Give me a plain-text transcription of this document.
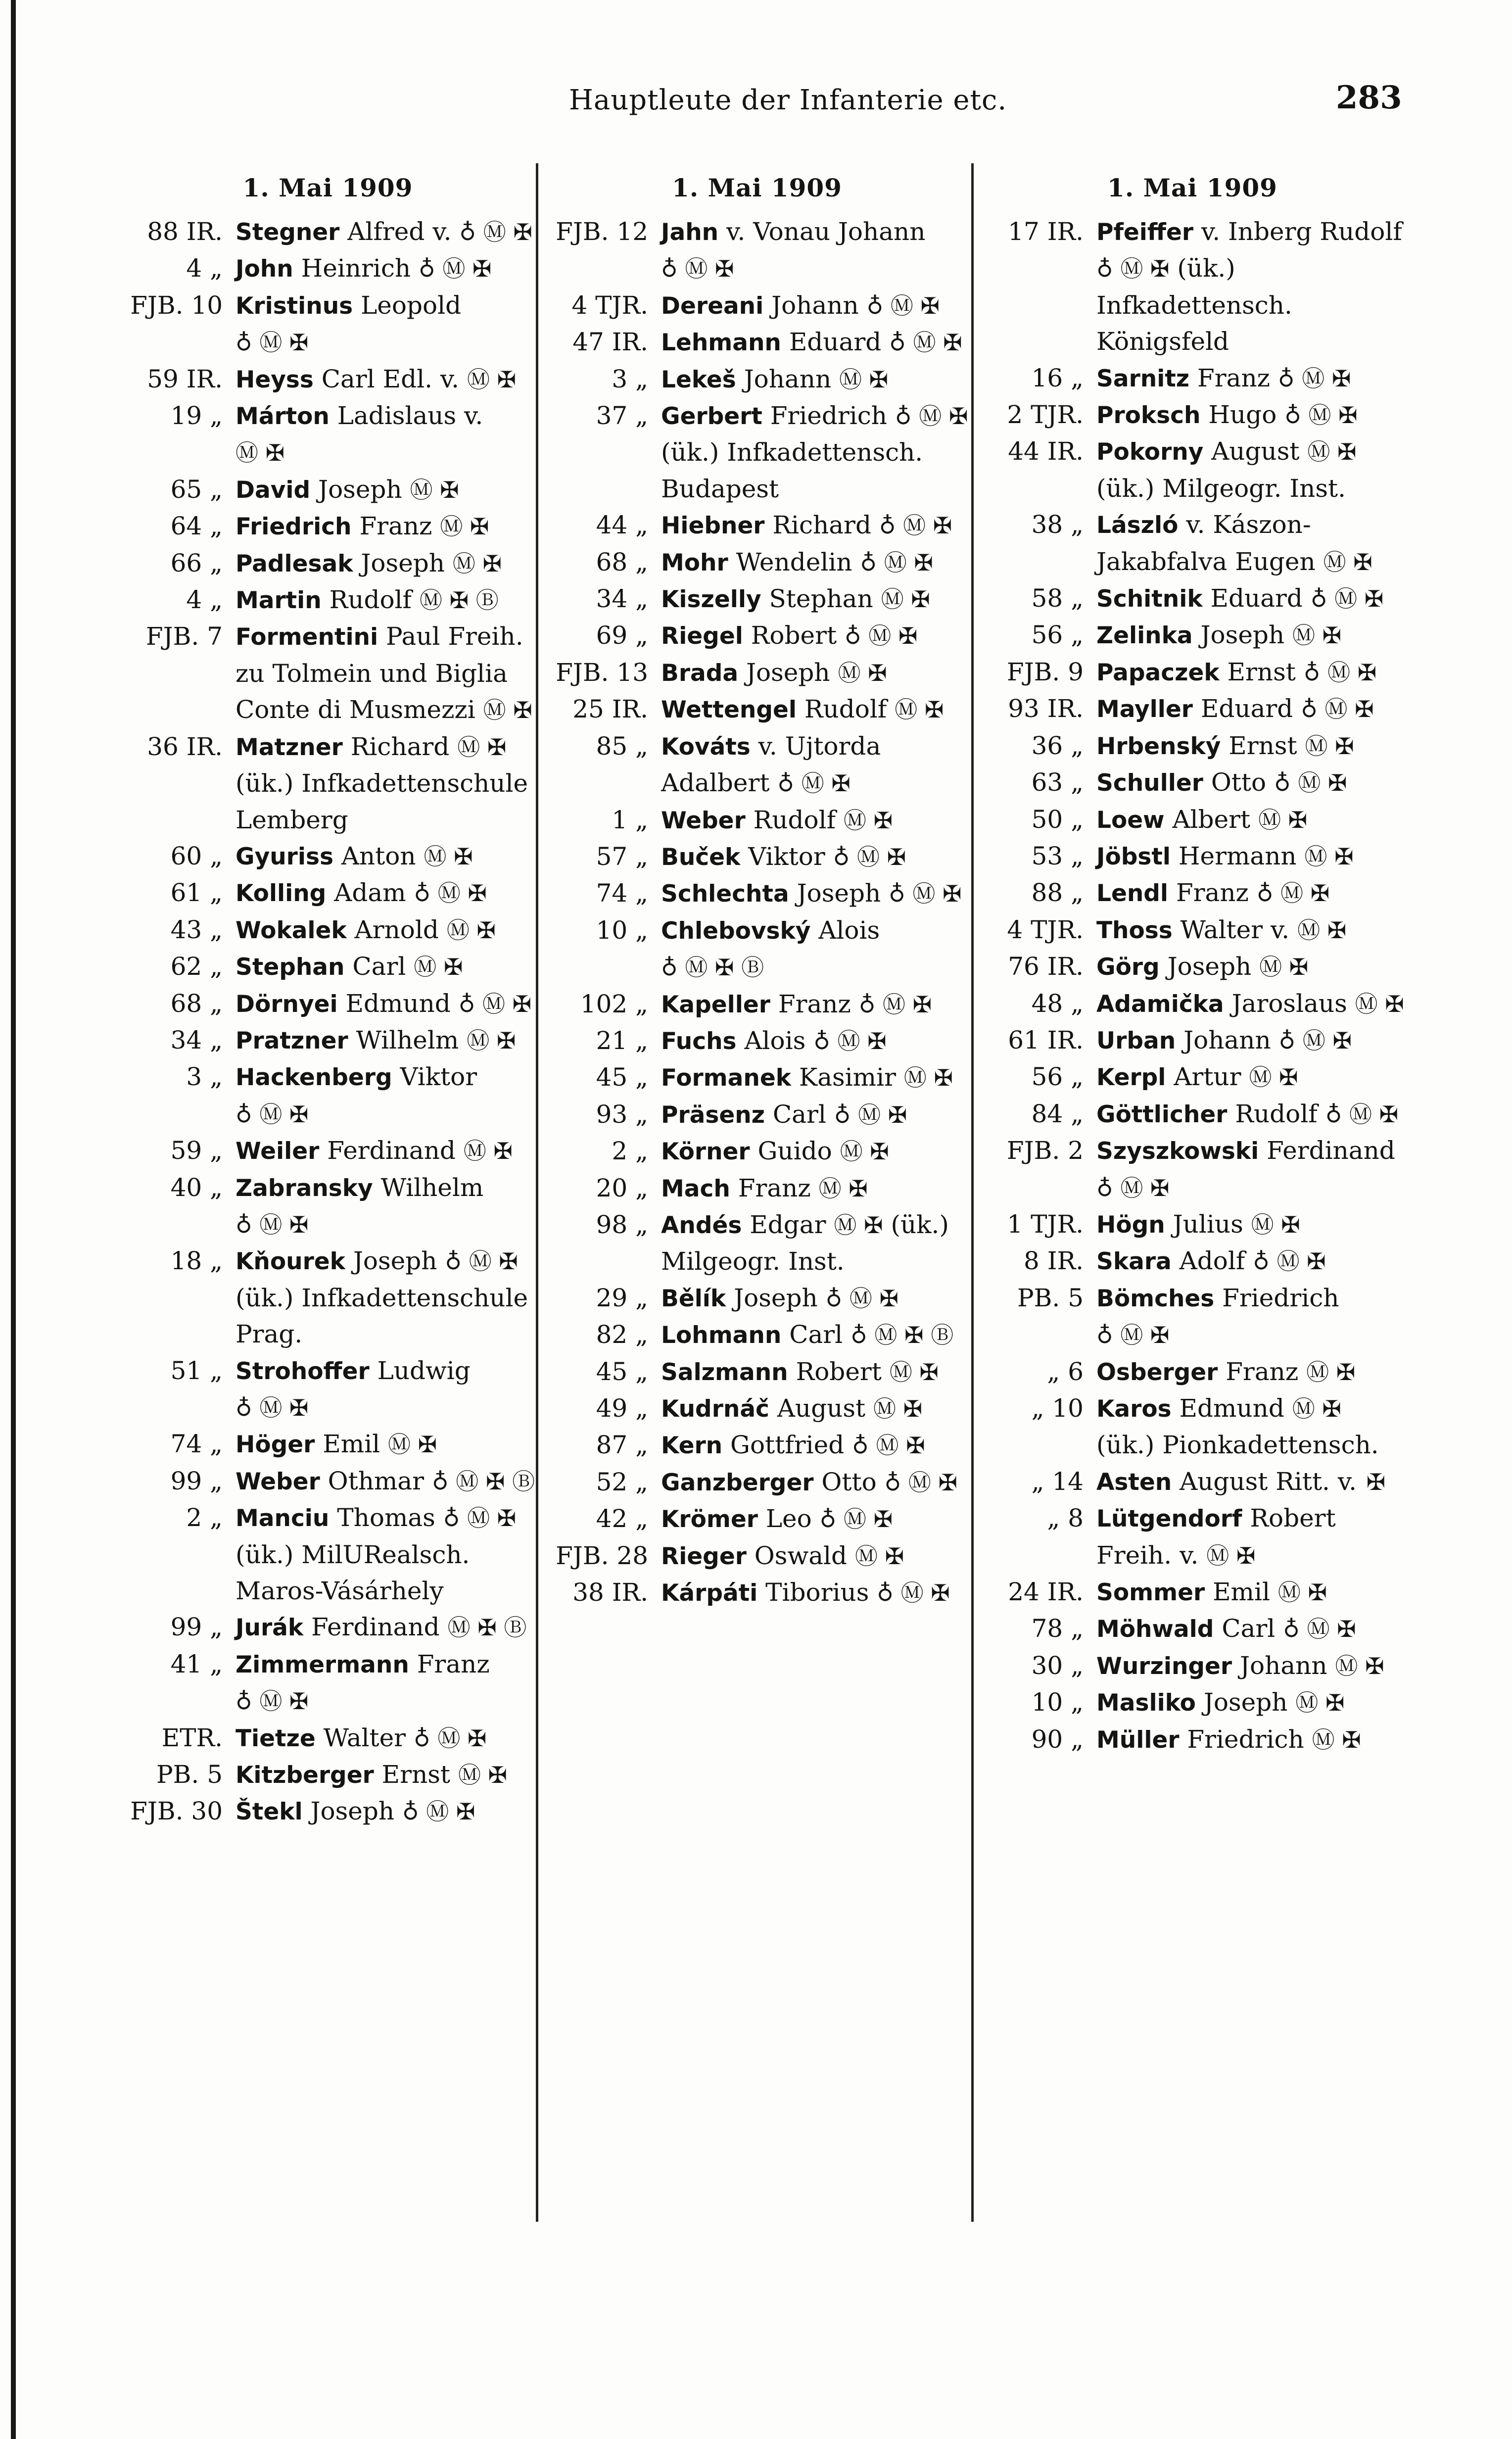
Hauptleute der Infanterie etc.	283
1. Mai 1909
88 IR. Stegner Alfred v. ♁ Ⓜ ✠
4 „ John Heinrich ♁ Ⓜ ✠
FJB. 10 Kristinus Leopold ♁ Ⓜ ✠
59 IR. Heyss Carl Edl. v. Ⓜ ✠
19 „ Márton Ladislaus v. Ⓜ ✠
65 „ David Joseph Ⓜ ✠
64 „ Friedrich Franz Ⓜ ✠
66 „ Padlesak Joseph Ⓜ ✠
4 „ Martin Rudolf Ⓜ ✠ Ⓑ
FJB. 7 Formentini Paul Freih. zu Tolmein und Biglia Conte di Musmezzi Ⓜ ✠
36 IR. Matzner Richard Ⓜ ✠ (ük.) Infkadettenschule Lemberg
60 „ Gyuriss Anton Ⓜ ✠
61 „ Kolling Adam ♁ Ⓜ ✠
43 „ Wokalek Arnold Ⓜ ✠
62 „ Stephan Carl Ⓜ ✠
68 „ Dörnyei Edmund ♁ Ⓜ ✠
34 „ Pratzner Wilhelm Ⓜ ✠
3 „ Hackenberg Viktor ♁ Ⓜ ✠
59 „ Weiler Ferdinand Ⓜ ✠
40 „ Zabransky Wilhelm ♁ Ⓜ ✠
18 „ Kňourek Joseph ♁ Ⓜ ✠ (ük.) Infkadettenschule Prag.
51 „ Strohoffer Ludwig ♁ Ⓜ ✠
74 „ Höger Emil Ⓜ ✠
99 „ Weber Othmar ♁ Ⓜ ✠ Ⓑ
2 „ Manciu Thomas ♁ Ⓜ ✠ (ük.) MilURealsch. Maros-Vásárhely
99 „ Jurák Ferdinand Ⓜ ✠ Ⓑ
41 „ Zimmermann Franz ♁ Ⓜ ✠
ETR. Tietze Walter ♁ Ⓜ ✠
PB. 5 Kitzberger Ernst Ⓜ ✠
FJB. 30 Štekl Joseph ♁ Ⓜ ✠
1. Mai 1909
FJB. 12 Jahn v. Vonau Johann ♁ Ⓜ ✠
4 TJR. Dereani Johann ♁ Ⓜ ✠
47 IR. Lehmann Eduard ♁ Ⓜ ✠
3 „ Lekeš Johann Ⓜ ✠
37 „ Gerbert Friedrich ♁ Ⓜ ✠ (ük.) Infkadettensch. Budapest
44 „ Hiebner Richard ♁ Ⓜ ✠
68 „ Mohr Wendelin ♁ Ⓜ ✠
34 „ Kiszelly Stephan Ⓜ ✠
69 „ Riegel Robert ♁ Ⓜ ✠
FJB. 13 Brada Joseph Ⓜ ✠
25 IR. Wettengel Rudolf Ⓜ ✠
85 „ Kováts v. Ujtorda Adalbert ♁ Ⓜ ✠
1 „ Weber Rudolf Ⓜ ✠
57 „ Buček Viktor ♁ Ⓜ ✠
74 „ Schlechta Joseph ♁ Ⓜ ✠
10 „ Chlebovský Alois ♁ Ⓜ ✠ Ⓑ
102 „ Kapeller Franz ♁ Ⓜ ✠
21 „ Fuchs Alois ♁ Ⓜ ✠
45 „ Formanek Kasimir Ⓜ ✠
93 „ Präsenz Carl ♁ Ⓜ ✠
2 „ Körner Guido Ⓜ ✠
20 „ Mach Franz Ⓜ ✠
98 „ Andés Edgar Ⓜ ✠ (ük.) Milgeogr. Inst.
29 „ Bělík Joseph ♁ Ⓜ ✠
82 „ Lohmann Carl ♁ Ⓜ ✠ Ⓑ
45 „ Salzmann Robert Ⓜ ✠
49 „ Kudrnáč August Ⓜ ✠
87 „ Kern Gottfried ♁ Ⓜ ✠
52 „ Ganzberger Otto ♁ Ⓜ ✠
42 „ Krömer Leo ♁ Ⓜ ✠
FJB. 28 Rieger Oswald Ⓜ ✠
38 IR. Kárpáti Tiborius ♁ Ⓜ ✠
1. Mai 1909
17 IR. Pfeiffer v. Inberg Rudolf ♁ Ⓜ ✠ (ük.) Infkadettensch. Königsfeld
16 „ Sarnitz Franz ♁ Ⓜ ✠
2 TJR. Proksch Hugo ♁ Ⓜ ✠
44 IR. Pokorny August Ⓜ ✠ (ük.) Milgeogr. Inst.
38 „ László v. Kászon-Jakabfalva Eugen Ⓜ ✠
58 „ Schitnik Eduard ♁ Ⓜ ✠
56 „ Zelinka Joseph Ⓜ ✠
FJB. 9 Papaczek Ernst ♁ Ⓜ ✠
93 IR. Mayller Eduard ♁ Ⓜ ✠
36 „ Hrbenský Ernst Ⓜ ✠
63 „ Schuller Otto ♁ Ⓜ ✠
50 „ Loew Albert Ⓜ ✠
53 „ Jöbstl Hermann Ⓜ ✠
88 „ Lendl Franz ♁ Ⓜ ✠
4 TJR. Thoss Walter v. Ⓜ ✠
76 IR. Görg Joseph Ⓜ ✠
48 „ Adamička Jaroslaus Ⓜ ✠
61 IR. Urban Johann ♁ Ⓜ ✠
56 „ Kerpl Artur Ⓜ ✠
84 „ Göttlicher Rudolf ♁ Ⓜ ✠
FJB. 2 Szyszkowski Ferdinand ♁ Ⓜ ✠
1 TJR. Högn Julius Ⓜ ✠
8 IR. Skara Adolf ♁ Ⓜ ✠
PB. 5 Bömches Friedrich ♁ Ⓜ ✠
„ 6 Osberger Franz Ⓜ ✠
„ 10 Karos Edmund Ⓜ ✠ (ük.) Pionkadettensch.
„ 14 Asten August Ritt. v. ✠
„ 8 Lütgendorf Robert Freih. v. Ⓜ ✠
24 IR. Sommer Emil Ⓜ ✠
78 „ Möhwald Carl ♁ Ⓜ ✠
30 „ Wurzinger Johann Ⓜ ✠
10 „ Masliko Joseph Ⓜ ✠
90 „ Müller Friedrich Ⓜ ✠
